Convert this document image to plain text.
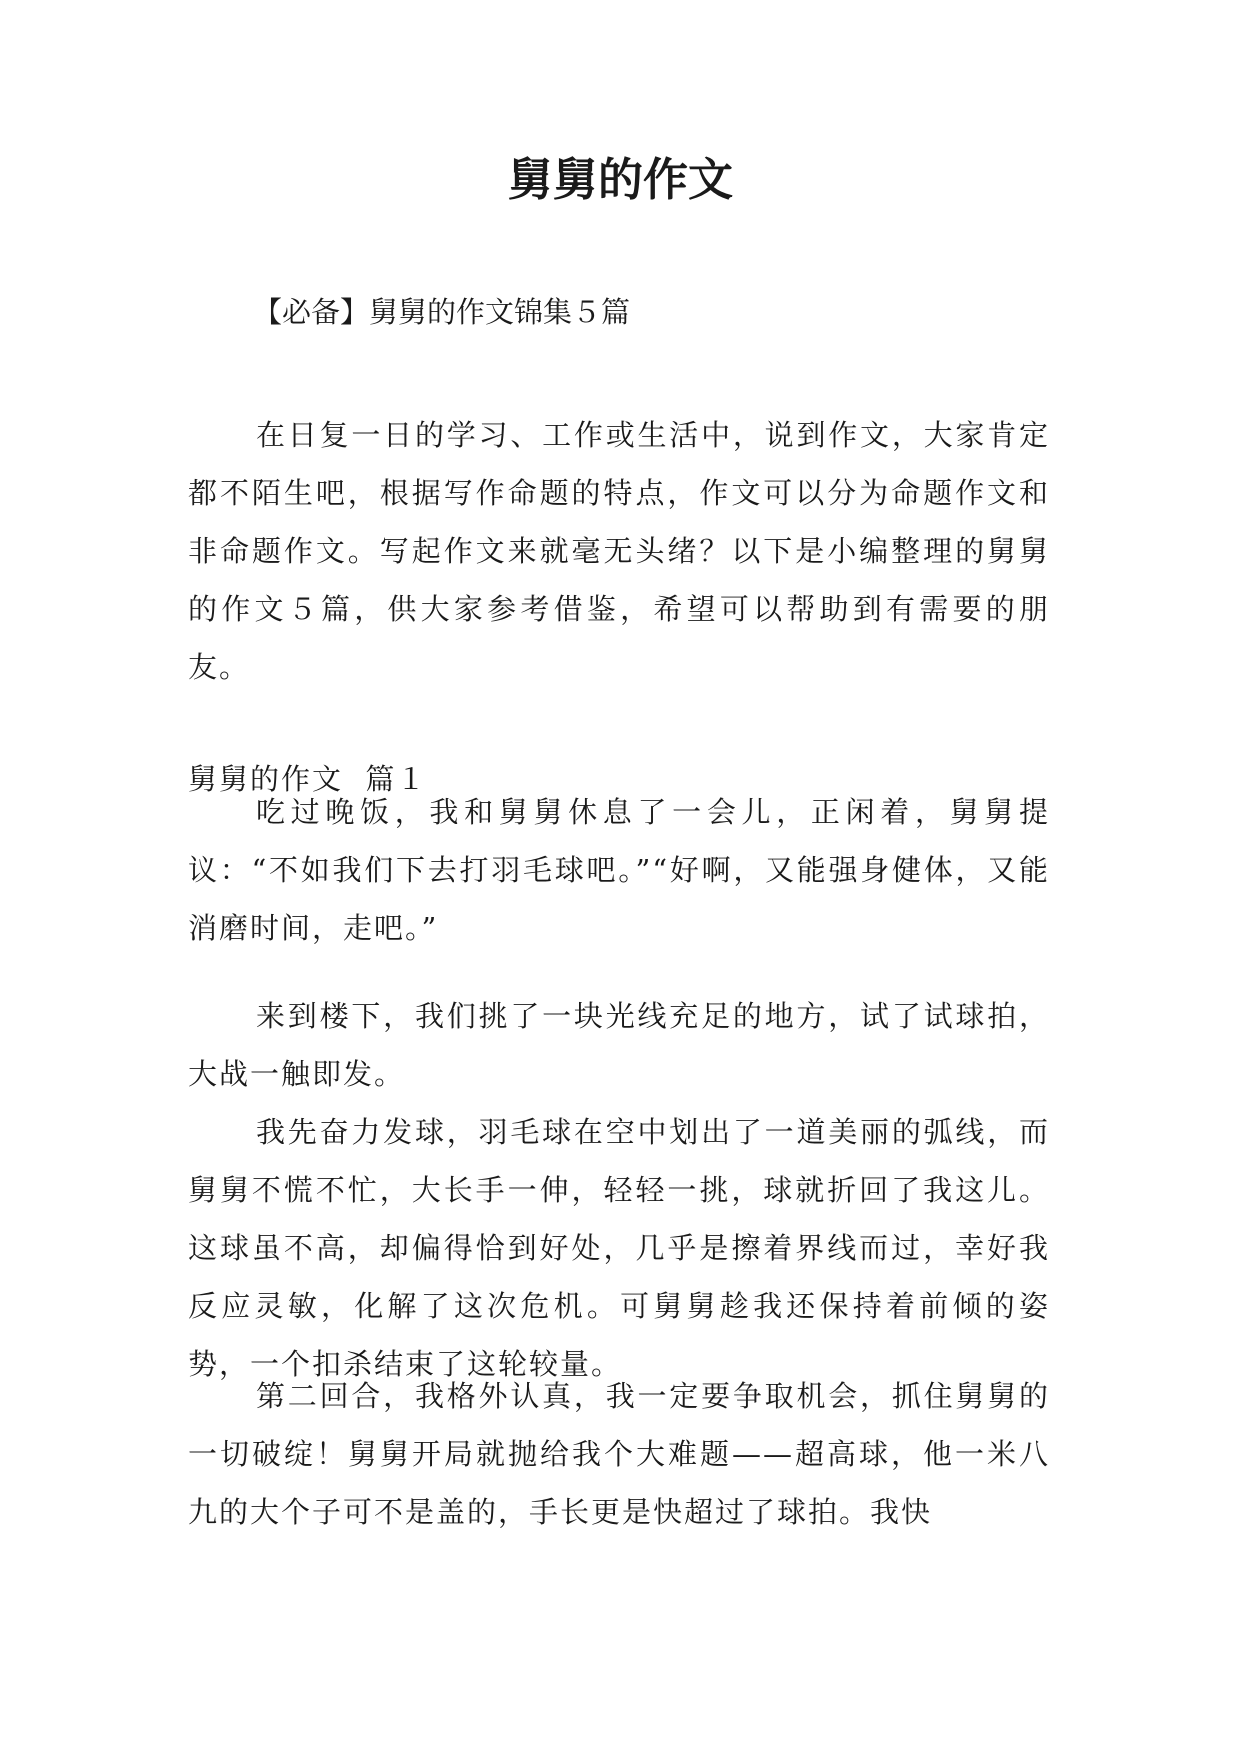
舅舅的作文

【必备】舅舅的作文锦集５篇

在日复一日的学习、工作或生活中，说到作文，大家肯定都不陌生吧，根据写作命题的特点，作文可以分为命题作文和非命题作文。写起作文来就毫无头绪？以下是小编整理的舅舅的作文５篇，供大家参考借鉴，希望可以帮助到有需要的朋友。

舅舅的作文  篇１

吃过晚饭，我和舅舅休息了一会儿，正闲着，舅舅提议：“不如我们下去打羽毛球吧。”“好啊，又能强身健体，又能消磨时间，走吧。”

来到楼下，我们挑了一块光线充足的地方，试了试球拍，大战一触即发。

我先奋力发球，羽毛球在空中划出了一道美丽的弧线，而舅舅不慌不忙，大长手一伸，轻轻一挑，球就折回了我这儿。这球虽不高，却偏得恰到好处，几乎是擦着界线而过，幸好我反应灵敏，化解了这次危机。可舅舅趁我还保持着前倾的姿势，一个扣杀结束了这轮较量。

第二回合，我格外认真，我一定要争取机会，抓住舅舅的一切破绽！舅舅开局就抛给我个大难题——超高球，他一米八九的大个子可不是盖的，手长更是快超过了球拍。我快
